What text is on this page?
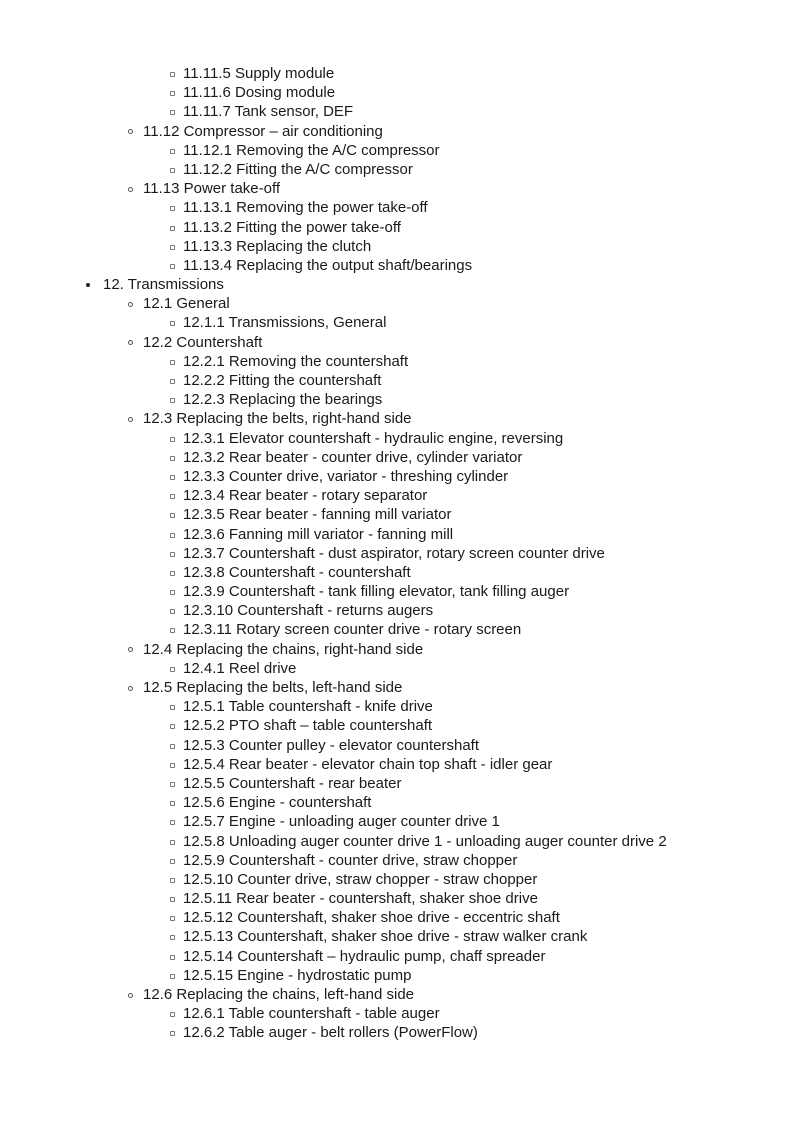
11.11.5 Supply module
11.11.6 Dosing module
11.11.7 Tank sensor, DEF
11.12 Compressor – air conditioning
11.12.1 Removing the A/C compressor
11.12.2 Fitting the A/C compressor
11.13 Power take-off
11.13.1 Removing the power take-off
11.13.2 Fitting the power take-off
11.13.3 Replacing the clutch
11.13.4 Replacing the output shaft/bearings
12. Transmissions
12.1 General
12.1.1 Transmissions, General
12.2 Countershaft
12.2.1 Removing the countershaft
12.2.2 Fitting the countershaft
12.2.3 Replacing the bearings
12.3 Replacing the belts, right-hand side
12.3.1 Elevator countershaft - hydraulic engine, reversing
12.3.2 Rear beater - counter drive, cylinder variator
12.3.3 Counter drive, variator - threshing cylinder
12.3.4 Rear beater - rotary separator
12.3.5 Rear beater - fanning mill variator
12.3.6 Fanning mill variator - fanning mill
12.3.7 Countershaft - dust aspirator, rotary screen counter drive
12.3.8 Countershaft - countershaft
12.3.9 Countershaft - tank filling elevator, tank filling auger
12.3.10 Countershaft - returns augers
12.3.11 Rotary screen counter drive - rotary screen
12.4 Replacing the chains, right-hand side
12.4.1 Reel drive
12.5 Replacing the belts, left-hand side
12.5.1 Table countershaft - knife drive
12.5.2 PTO shaft – table countershaft
12.5.3 Counter pulley - elevator countershaft
12.5.4 Rear beater - elevator chain top shaft - idler gear
12.5.5 Countershaft - rear beater
12.5.6 Engine - countershaft
12.5.7 Engine - unloading auger counter drive 1
12.5.8 Unloading auger counter drive 1 - unloading auger counter drive 2
12.5.9 Countershaft - counter drive, straw chopper
12.5.10 Counter drive, straw chopper - straw chopper
12.5.11 Rear beater - countershaft, shaker shoe drive
12.5.12 Countershaft, shaker shoe drive - eccentric shaft
12.5.13 Countershaft, shaker shoe drive - straw walker crank
12.5.14 Countershaft – hydraulic pump, chaff spreader
12.5.15 Engine - hydrostatic pump
12.6 Replacing the chains, left-hand side
12.6.1 Table countershaft - table auger
12.6.2 Table auger - belt rollers (PowerFlow)
